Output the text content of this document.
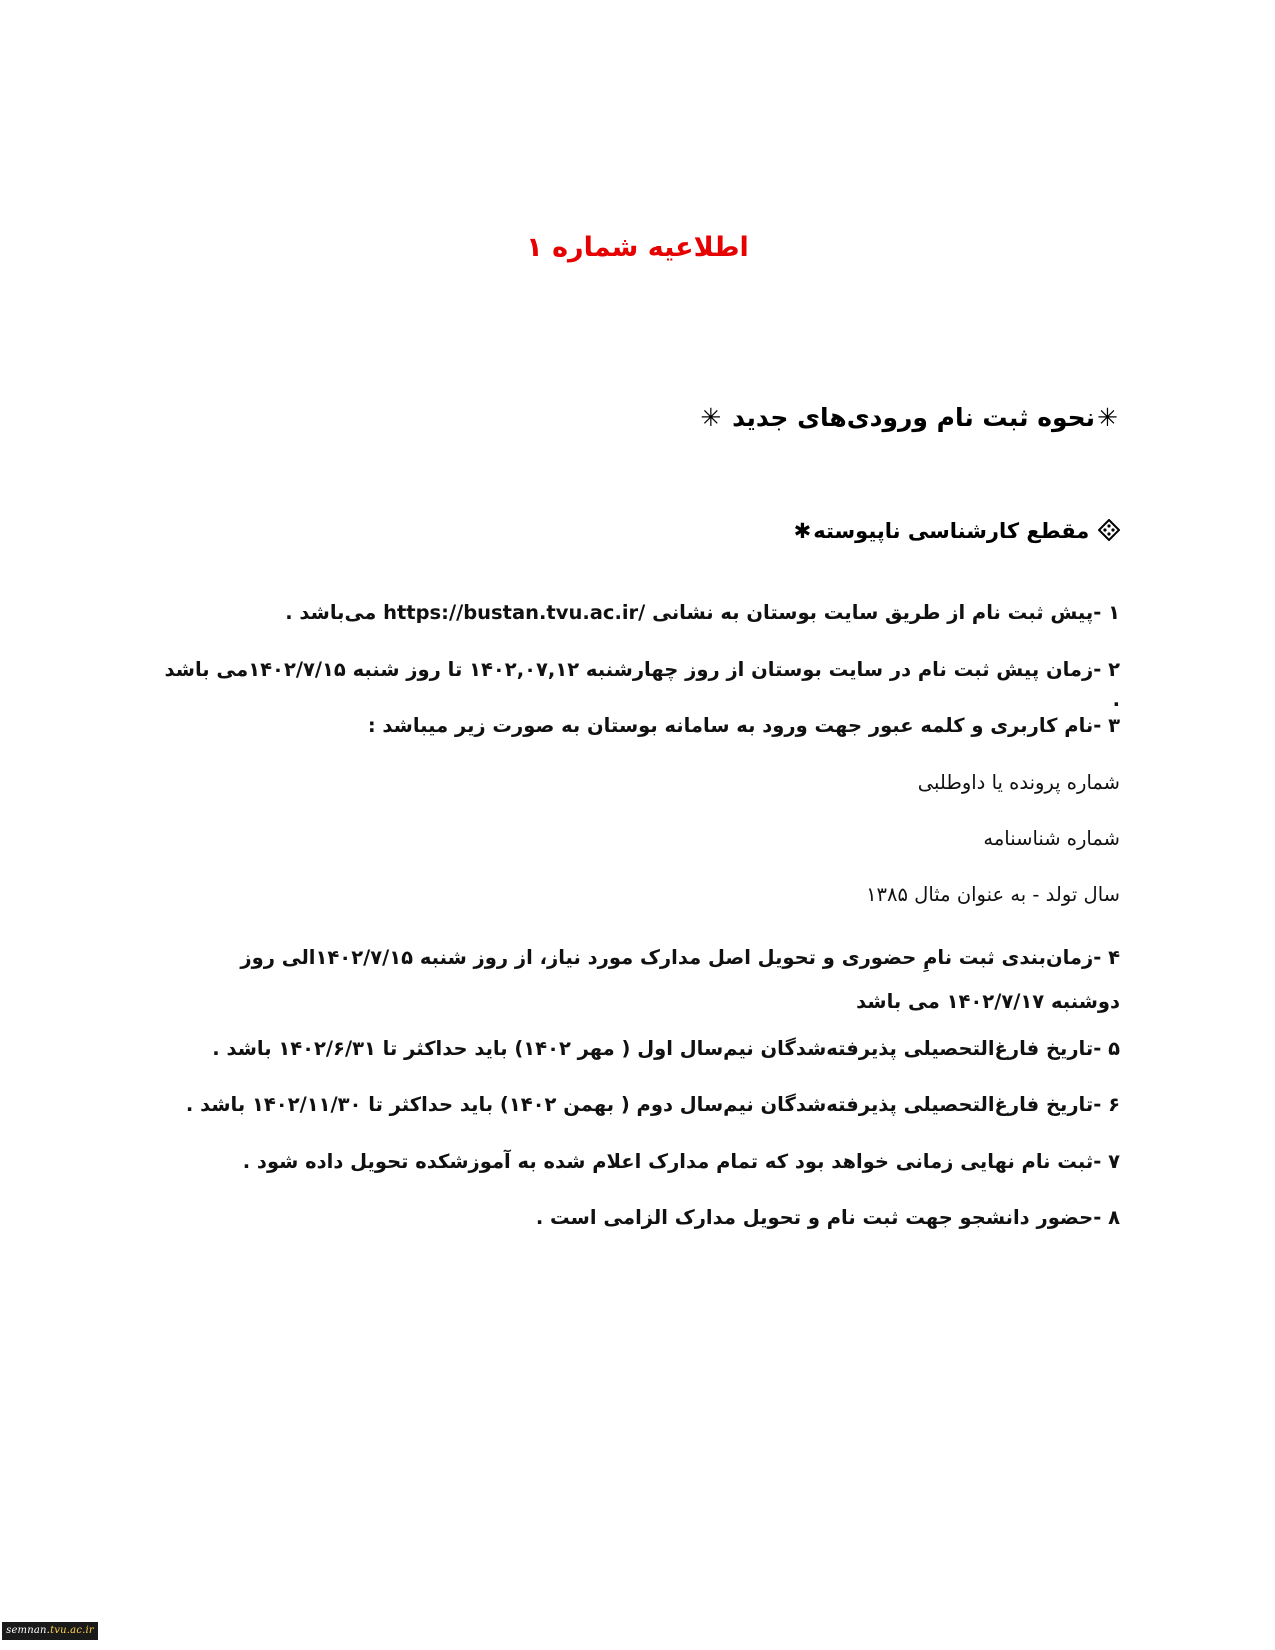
اطلاعیه شماره ۱
✳نحوه ثبت نام ورودی‌های جدید ✳
مقطع کارشناسی ناپیوسته✱

۱ -پیش ثبت نام از طریق سایت بوستان به نشانی https://bustan.tvu.ac.ir/ می‌باشد .

۲ -زمان پیش ثبت نام در سایت بوستان از روز چهارشنبه ۱۴۰۲,۰۷,۱۲ تا روز شنبه ۱۴۰۲/۷/۱۵می باشد .

۳ -نام کاربری و کلمه عبور جهت ورود به سامانه بوستان به صورت زیر میباشد :

شماره پرونده یا داوطلبی

شماره شناسنامه

سال تولد - به عنوان مثال ۱۳۸۵

۴ -زمان‌بندی ثبت نامِ حضوری و تحویل اصل مدارک مورد نیاز، از روز شنبه ۱۴۰۲/۷/۱۵الی روز دوشنبه ۱۴۰۲/۷/۱۷ می باشد

۵ -تاریخ فارغ‌التحصیلی پذیرفته‌شدگان نیم‌سال اول ( مهر ۱۴۰۲) باید حداکثر تا ۱۴۰۲/۶/۳۱ باشد .

۶ -تاریخ فارغ‌التحصیلی پذیرفته‌شدگان نیم‌سال دوم ( بهمن ۱۴۰۲) باید حداکثر تا ۱۴۰۲/۱۱/۳۰ باشد .

۷ -ثبت نام نهایی زمانی خواهد بود که تمام مدارک اعلام شده به آموزشکده تحویل داده شود .

۸ -حضور دانشجو جهت ثبت نام و تحویل مدارک الزامی است .

semnan.tvu.ac.ir
